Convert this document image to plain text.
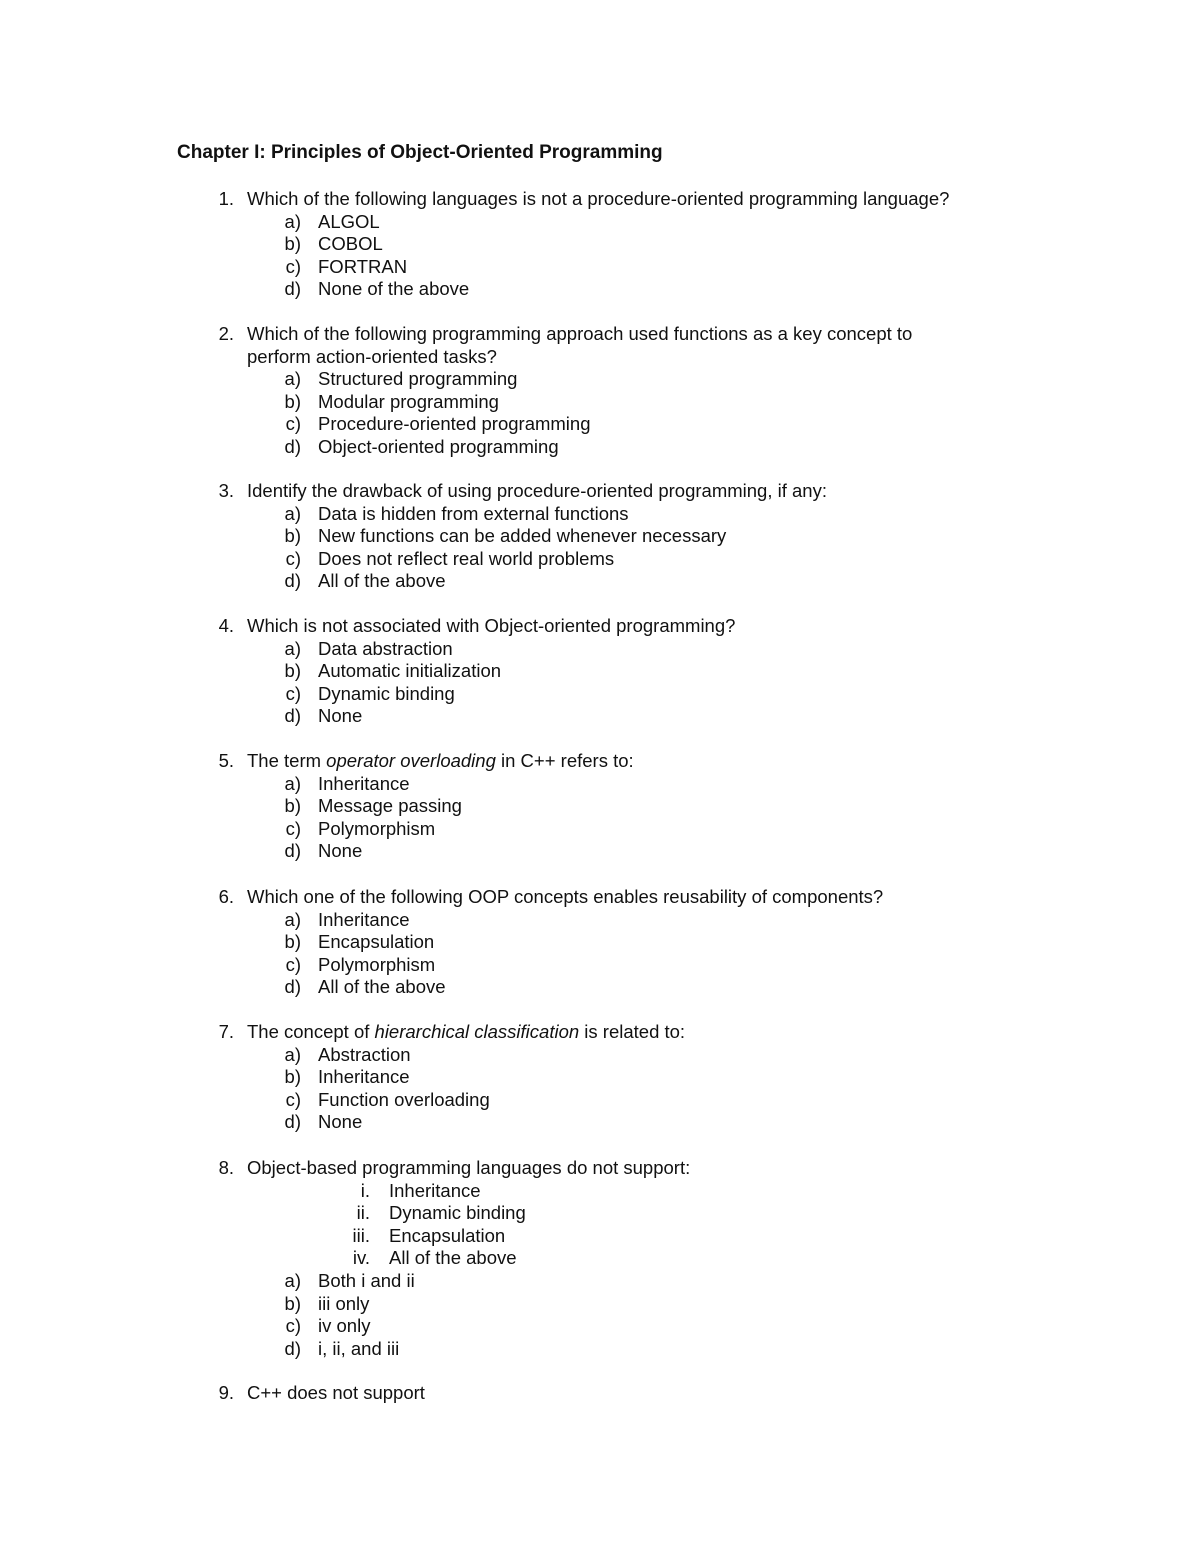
Chapter I: Principles of Object-Oriented Programming
1. Which of the following languages is not a procedure-oriented programming language?
a) ALGOL
b) COBOL
c) FORTRAN
d) None of the above
2. Which of the following programming approach used functions as a key concept to
perform action-oriented tasks?
a) Structured programming
b) Modular programming
c) Procedure-oriented programming
d) Object-oriented programming
3. Identify the drawback of using procedure-oriented programming, if any:
a) Data is hidden from external functions
b) New functions can be added whenever necessary
c) Does not reflect real world problems
d) All of the above
4. Which is not associated with Object-oriented programming?
a) Data abstraction
b) Automatic initialization
c) Dynamic binding
d) None
5. The term operator overloading in C++ refers to:
a) Inheritance
b) Message passing
c) Polymorphism
d) None
6. Which one of the following OOP concepts enables reusability of components?
a) Inheritance
b) Encapsulation
c) Polymorphism
d) All of the above
7. The concept of hierarchical classification is related to:
a) Abstraction
b) Inheritance
c) Function overloading
d) None
8. Object-based programming languages do not support:
i. Inheritance
ii. Dynamic binding
iii. Encapsulation
iv. All of the above
a) Both i and ii
b) iii only
c) iv only
d) i, ii, and iii
9. C++ does not support
